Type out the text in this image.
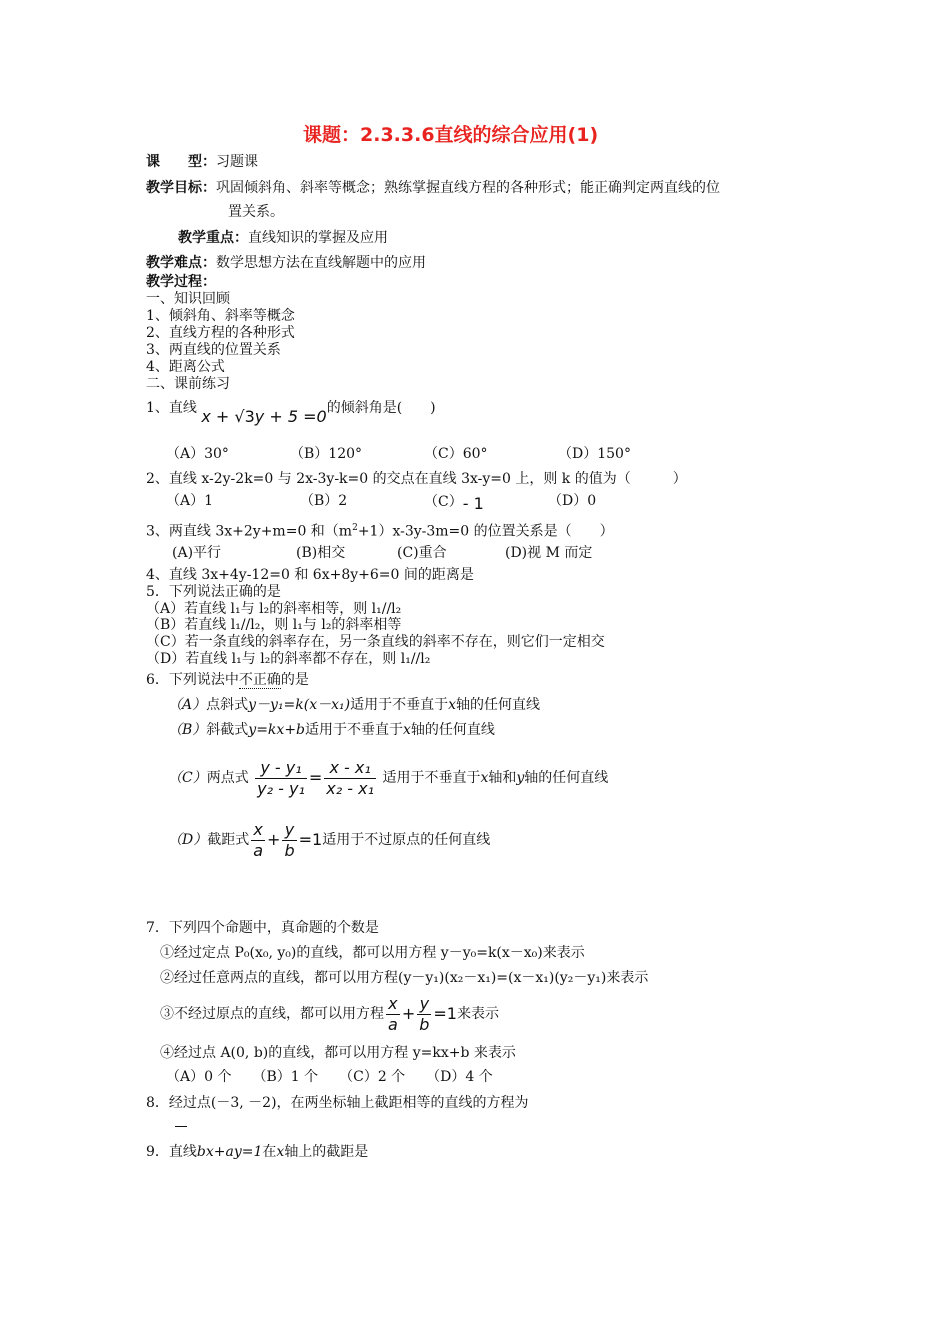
课题：2.3.3.6直线的综合应用(1)
课　　型：习题课
教学目标：巩固倾斜角、斜率等概念；熟练掌握直线方程的各种形式；能正确判定两直线的位
置关系。
教学重点：直线知识的掌握及应用
教学难点：数学思想方法在直线解题中的应用
教学过程：
一、知识回顾
1、倾斜角、斜率等概念
2、直线方程的各种形式
3、两直线的位置关系
4、距离公式
二、课前练习
1、直线 x + √3y + 5 =0的倾斜角是(　　)
（A）30°	（B）120°	（C）60°	（D）150°
2、直线 x-2y-2k=0 与 2x-3y-k=0 的交点在直线 3x-y=0 上，则 k 的值为（　　　）
（A）1	（B）2	（C）- 1	（D）0
3、两直线 3x+2y+m=0 和$(m^2+1)x-3y-3m=0$ 的位置关系是（　　）
(A)平行	(B)相交	(C)重合	(D)视 M 而定
4、直线 3x+4y-12=0 和 6x+8y+6=0 间的距离是
5．下列说法正确的是
（A）若直线 l₁与 l₂的斜率相等，则 l₁//l₂
（B）若直线 l₁//l₂，则 l₁与 l₂的斜率相等
（C）若一条直线的斜率存在，另一条直线的斜率不存在，则它们一定相交
（D）若直线 l₁与 l₂的斜率都不存在，则 l₁//l₂
6．下列说法中不正确的是
（A）点斜式y－y₁=k(x－x₁)适用于不垂直于x轴的任何直线
（B）斜截式y=kx+b适用于不垂直于x轴的任何直线
（C）两点式 $\frac{\text{y - y₁}}{\text{y₂ - y₁}} = \frac{\text{x - x₁}}{\text{x₂ - x₁}}$ 适用于不垂直于x轴和y轴的任何直线
（D）截距式 $\frac{x}{a} + \frac{y}{b} =1$适用于不过原点的任何直线
7．下列四个命题中，真命题的个数是
①经过定点 P₀(x₀, y₀)的直线，都可以用方程 y－y₀=k(x－x₀)来表示
②经过任意两点的直线，都可以用方程(y－y₁)(x₂－x₁)=(x－x₁)(y₂－y₁)来表示
③不经过原点的直线，都可以用方程 $\frac{x}{a} + \frac{y}{b} =1$来表示
④经过点 A(0, b)的直线，都可以用方程 y=kx+b 来表示
（A）0 个　　（B）1 个　　（C）2 个　　（D）4 个
8．经过点(－3, －2)，在两坐标轴上截距相等的直线的方程为
9．直线bx+ay=1在x轴上的截距是
